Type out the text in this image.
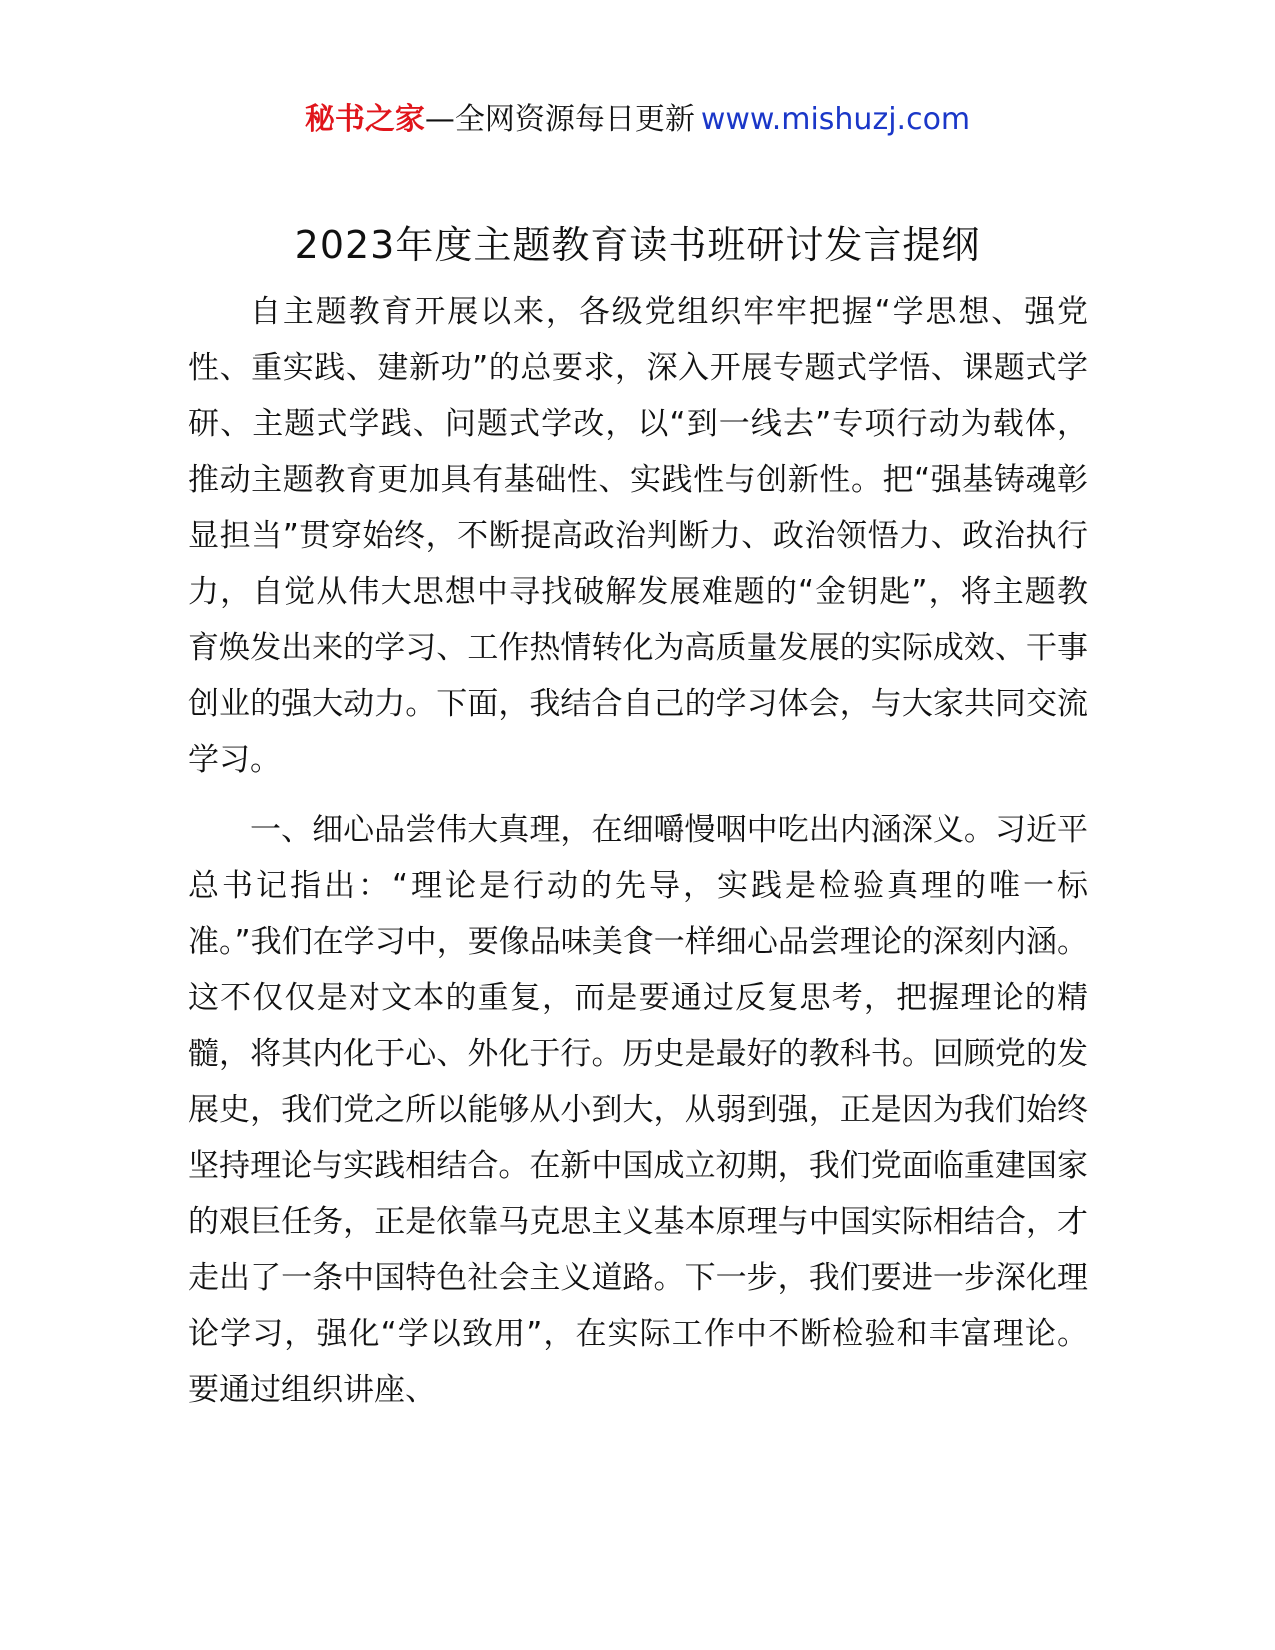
秘书之家—全网资源每日更新 www.mishuzj.com
2023年度主题教育读书班研讨发言提纲

自主题教育开展以来，各级党组织牢牢把握“学思想、强党性、重实践、建新功”的总要求，深入开展专题式学悟、课题式学研、主题式学践、问题式学改，以“到一线去”专项行动为载体，推动主题教育更加具有基础性、实践性与创新性。把“强基铸魂彰显担当”贯穿始终，不断提高政治判断力、政治领悟力、政治执行力，自觉从伟大思想中寻找破解发展难题的“金钥匙”，将主题教育焕发出来的学习、工作热情转化为高质量发展的实际成效、干事创业的强大动力。下面，我结合自己的学习体会，与大家共同交流学习。

一、细心品尝伟大真理，在细嚼慢咽中吃出内涵深义。习近平总书记指出：“理论是行动的先导，实践是检验真理的唯一标准。”我们在学习中，要像品味美食一样细心品尝理论的深刻内涵。这不仅仅是对文本的重复，而是要通过反复思考，把握理论的精髓，将其内化于心、外化于行。历史是最好的教科书。回顾党的发展史，我们党之所以能够从小到大，从弱到强，正是因为我们始终坚持理论与实践相结合。在新中国成立初期，我们党面临重建国家的艰巨任务，正是依靠马克思主义基本原理与中国实际相结合，才走出了一条中国特色社会主义道路。下一步，我们要进一步深化理论学习，强化“学以致用”，在实际工作中不断检验和丰富理论。要通过组织讲座、
